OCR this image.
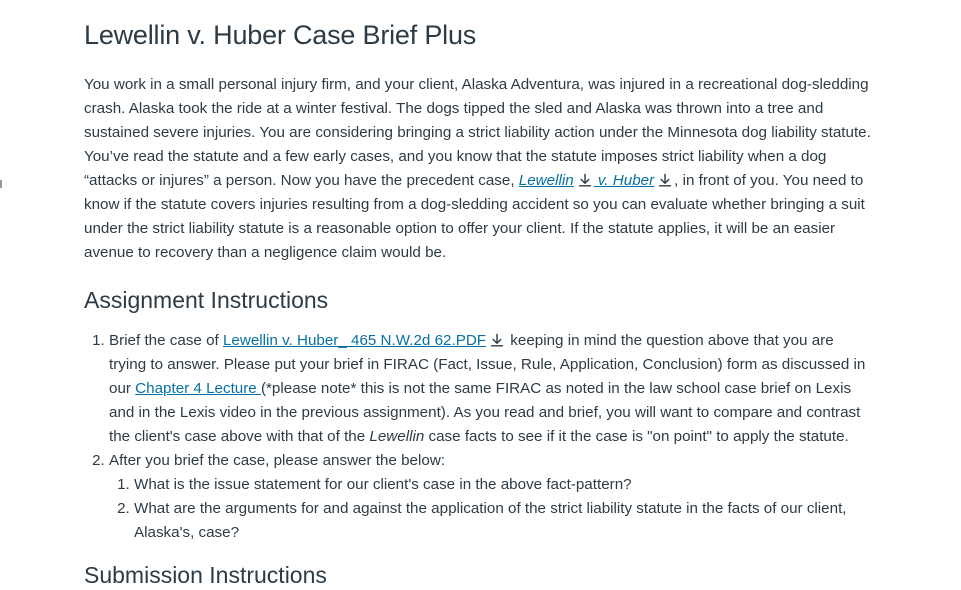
Lewellin v. Huber Case Brief Plus

You work in a small personal injury firm, and your client, Alaska Adventura, was injured in a recreational dog-sledding crash. Alaska took the ride at a winter festival. The dogs tipped the sled and Alaska was thrown into a tree and sustained severe injuries. You are considering bringing a strict liability action under the Minnesota dog liability statute. You’ve read the statute and a few early cases, and you know that the statute imposes strict liability when a dog “attacks or injures” a person. Now you have the precedent case, Lewellin
v. Huber , in front of you. You need to know if the statute covers injuries resulting from a dog-sledding accident so you can evaluate whether bringing a suit under the strict liability statute is a reasonable option to offer your client. If the statute applies, it will be an easier avenue to recovery than a negligence claim would be.

Assignment Instructions
1. Brief the case of Lewellin v. Huber_ 465 N.W.2d 62.PDF
keeping in mind the question above that you are trying to answer. Please put your brief in FIRAC (Fact, Issue, Rule, Application, Conclusion) form as discussed in our Chapter 4 Lecture (*please note* this is not the same FIRAC as noted in the law school case brief on Lexis and in the Lexis video in the previous assignment). As you read and brief, you will want to compare and contrast the client's case above with that of the Lewellin case facts to see if it the case is "on point" to apply the statute.
2. After you brief the case, please answer the below:
1. What is the issue statement for our client's case in the above fact-pattern?
2. What are the arguments for and against the application of the strict liability statute in the facts of our client, Alaska's, case?
Submission Instructions
